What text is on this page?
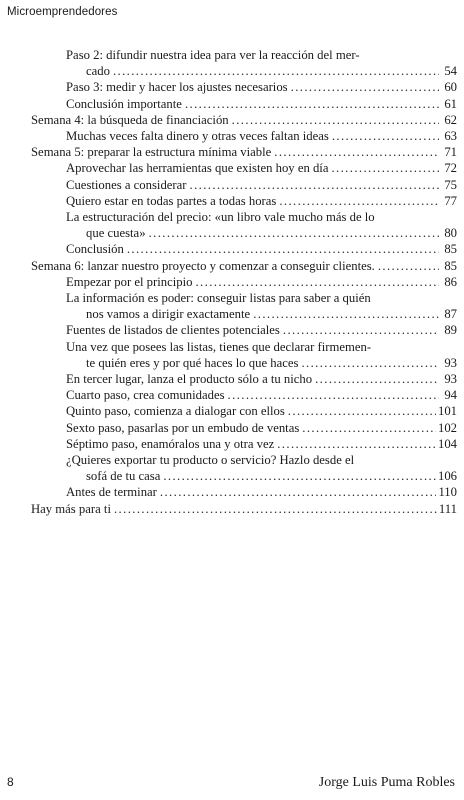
Microemprendedores
Paso 2: difundir nuestra idea para ver la reacción del mer-
cado .....	54
Paso 3: medir y hacer los ajustes necesarios .....	60
Conclusión importante .....	61
Semana 4: la búsqueda de financiación .....	62
Muchas veces falta dinero y otras veces faltan ideas .....	63
Semana 5: preparar la estructura mínima viable .....	71
Aprovechar las herramientas que existen hoy en día .....	72
Cuestiones a considerar .....	75
Quiero estar en todas partes a todas horas .....	77
La estructuración del precio: «un libro vale mucho más de lo
que cuesta» .....	80
Conclusión .....	85
Semana 6: lanzar nuestro proyecto y comenzar a conseguir clientes. .....	85
Empezar por el principio .....	86
La información es poder: conseguir listas para saber a quién
nos vamos a dirigir exactamente .....	87
Fuentes de listados de clientes potenciales .....	89
Una vez que posees las listas, tienes que declarar firmemen-
te quién eres y por qué haces lo que haces .....	93
En tercer lugar, lanza el producto sólo a tu nicho .....	93
Cuarto paso, crea comunidades .....	94
Quinto paso, comienza a dialogar con ellos .....	101
Sexto paso, pasarlas por un embudo de ventas .....	102
Séptimo paso, enamóralos una y otra vez .....	104
¿Quieres exportar tu producto o servicio? Hazlo desde el
sofá de tu casa .....	106
Antes de terminar .....	110
Hay más para ti .....	111
8	Jorge Luis Puma Robles
